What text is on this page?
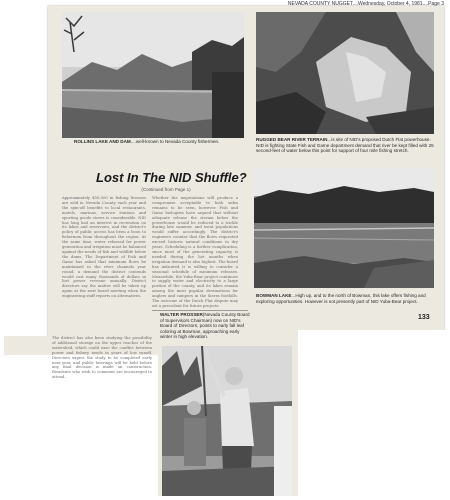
NEVADA COUNTY NUGGET....Wednesday, October 4, 1981....Page 3
ROLLINS LAKE AND DAM....well-known to Nevada County fishermen.	RUGGED BEAR RIVER TERRAIN...is site of NID's proposed Dutch Flat powerhouse. NID is fighting State Fish and Game department demand that river be kept filled with 25 second-feet of water below this point for support of four mile fishing stretch.
Lost In The NID Shuffle?
(Continued from Page 1)
Approximately $50,000 in fishing licenses are sold in Nevada County each year and the spin-off benefits to local restaurants, motels, marinas, service stations and sporting goods stores is considerable. NID has long had an interest in recreation on its lakes and reservoirs, and the district's policy of public access has been a boon to fishermen from throughout the region. At the same time, water released for power generation and irrigation must be balanced against the needs of fish and wildlife below the dams. The Department of Fish and Game has asked that minimum flows be maintained in the river channels year round, a demand the district contends would cost many thousands of dollars in lost power revenue annually. District directors say the matter will be taken up again at the next board meeting when the engineering staff reports on alternatives.
Whether the negotiations will produce a compromise acceptable to both sides remains to be seen, however. Fish and Game biologists have argued that without adequate release the stream below the powerhouse would be reduced to a trickle during late summer, and trout populations would suffer accordingly. The district's engineers counter that the flows requested exceed historic natural conditions in dry years. Scheduling is a further complication, since most of the generating capacity is needed during the hot months when irrigation demand is also highest. The board has indicated it is willing to consider a seasonal schedule of minimum releases. Meanwhile, the Yuba-Bear project continues to supply water and electricity to a large portion of the county, and its lakes remain among the most popular destinations for anglers and campers in the Sierra foothills. The outcome of the Dutch Flat dispute may set a precedent for future projects.
The district has also been studying the possibility of additional storage on the upper reaches of the watershed, which could ease the conflict between power and fishery needs in years of low runoff. Directors expect the study to be completed early next year, and public hearings will be held before any final decision is made on construction. Residents who wish to comment are encouraged to attend.
BOWMAN LAKE...High up, and to the north of Bowman, this lake offers fishing and exploring opportunities. However is not presently part of NID Yuba-Bear project.
133
WALTER PROSSER(Nevada County Board of Supervisors Chairman) now on NID's Board of Directors, points to early fall leaf coloring at Bowman, approaching early winter in high elevation.
